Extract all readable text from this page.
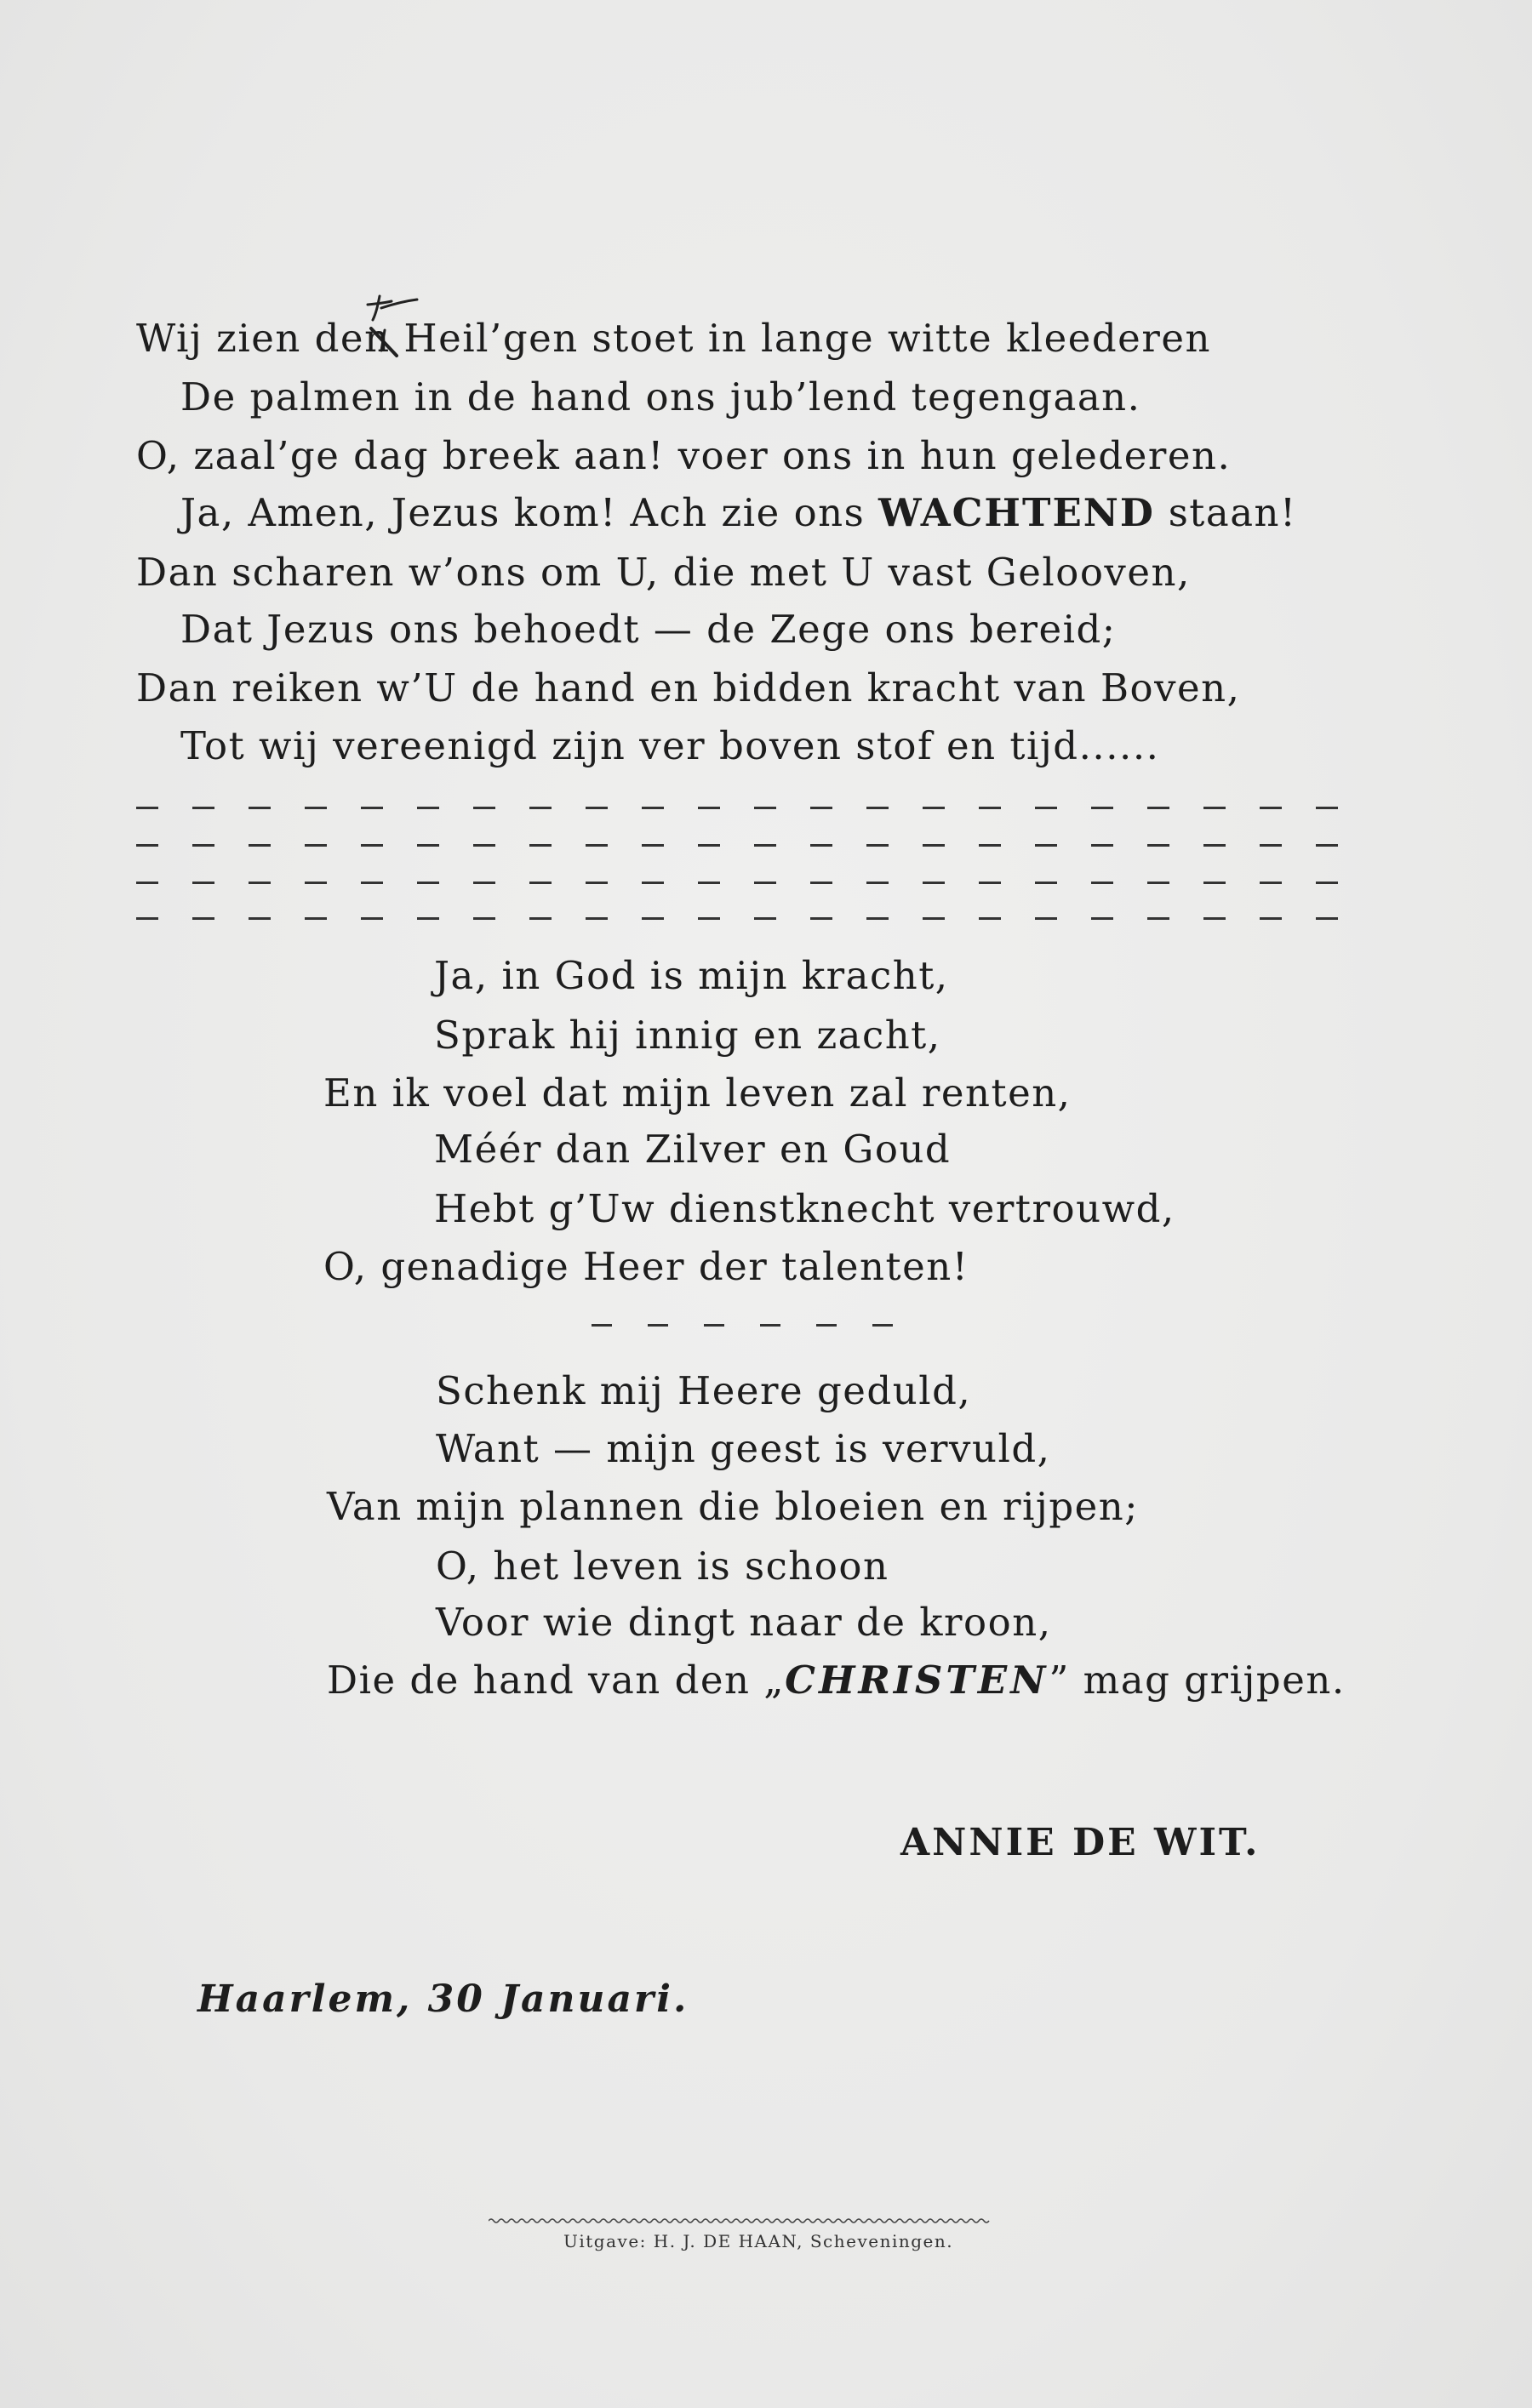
Wij zien den Heil’gen stoet in lange witte kleederen
De palmen in de hand ons jub’lend tegengaan.
O, zaal’ge dag breek aan! voer ons in hun gelederen.
Ja, Amen, Jezus kom! Ach zie ons WACHTEND staan!
Dan scharen w’ons om U, die met U vast Gelooven,
Dat Jezus ons behoedt — de Zege ons bereid;
Dan reiken w’U de hand en bidden kracht van Boven,
Tot wij vereenigd zijn ver boven stof en tijd......
Ja, in God is mijn kracht,
Sprak hij innig en zacht,
En ik voel dat mijn leven zal renten,
Méér dan Zilver en Goud
Hebt g’Uw dienstknecht vertrouwd,
O, genadige Heer der talenten!
Schenk mij Heere geduld,
Want — mijn geest is vervuld,
Van mijn plannen die bloeien en rijpen;
O, het leven is schoon
Voor wie dingt naar de kroon,
Die de hand van den „CHRISTEN” mag grijpen.
ANNIE DE WIT.
Haarlem, 30 Januari.
Uitgave: H. J. DE HAAN, Scheveningen.
